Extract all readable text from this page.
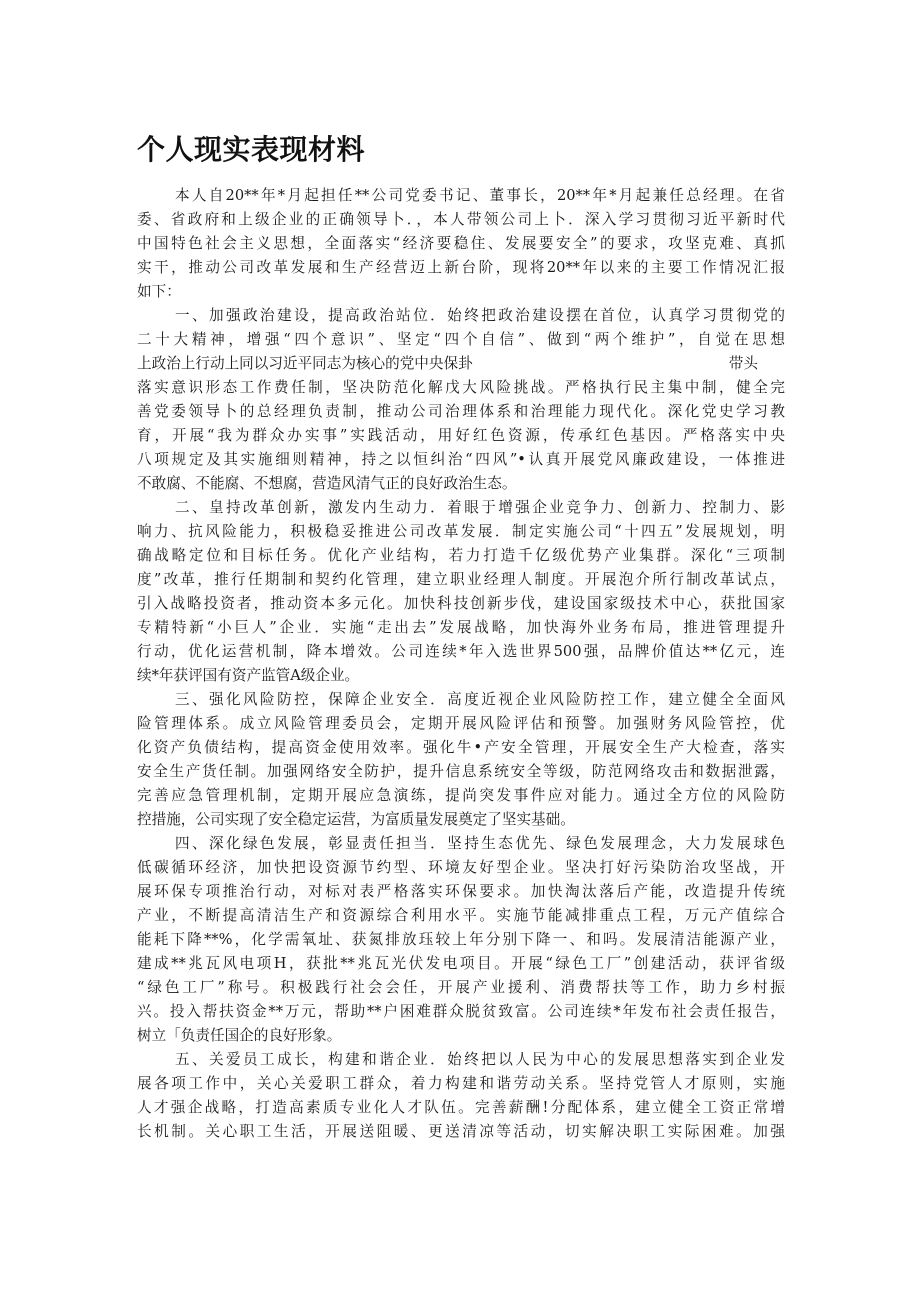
个人现实表现材料
本人自20**年*月起担任**公司党委书记、董事长，20**年*月起兼任总经理。在省
委、省政府和上级企业的正确领导卜．，本人带领公司上卜．深入学习贯彻习近平新时代
中国特色社会主义思想，全面落实“经济要稳住、发展要安全”的要求，攻坚克难、真抓
实干，推动公司改革发展和生产经营迈上新台阶，现将20**年以来的主要工作情况汇报
如下：
一、加强政治建设，提高政治站位．始终把政治建设摆在首位，认真学习贯彻党的
二十大精神，增强“四个意识”、坚定“四个自信”、做到“两个维护”，自觉在思想
上政治上行动上同以习近平同志为核心的党中央保卦	带头
落实意识形态工作费任制，坚决防范化解戊大风险挑战。严格执行民主集中制，健全完
善党委领导卜的总经理负责制，推动公司治理体系和治理能力现代化。深化党史学习教
育，开展“我为群众办实事”实践活动，用好红色资源，传承红色基因。严格落实中央
八项规定及其实施细则精神，持之以恒纠治“四风”•认真开展党风廉政建设，一体推进
不敢腐、不能腐、不想腐，营造风清气正的良好政治生态。
二、皇持改革创新，激发内生动力．着眼于增强企业竞争力、创新力、控制力、影
响力、抗风险能力，积极稳妥推进公司改革发展．制定实施公司“十四五”发展规划，明
确战略定位和目标任务。优化产业结构，若力打造千亿级优势产业集群。深化“三项制
度”改革，推行任期制和契约化管理，建立职业经理人制度。开展泡介所行制改革试点，
引入战略投资者，推动资本多元化。加快科技创新步伐，建设国家级技术中心，获批国家
专精特新“小巨人”企业．实施“走出去”发展战略，加快海外业务布局，推进管理提升
行动，优化运营机制，降本增效。公司连续*年入选世界500强，品牌价值达**亿元，连
续*年获评国有资产监管A级企业。
三、强化风险防控，保障企业安全．高度近视企业风险防控工作，建立健全全面风
险管理体系。成立风险管理委员会，定期开展风险评估和预警。加强财务风险管控，优
化资产负债结构，提高资金使用效率。强化牛•产安全管理，开展安全生产大检查，落实
安全生产货任制。加强网络安全防护，提升信息系统安全等级，防范网络攻击和数据泄露，
完善应急管理机制，定期开展应急演练，提尚突发事件应对能力。通过全方位的风险防
控措施，公司实现了安全稳定运营，为富质量发展奠定了坚实基础。
四、深化绿色发展，彰显责任担当．坚持生态优先、绿色发展理念，大力发展球色
低碳循环经济，加快把设资源节约型、环境友好型企业。坚决打好污染防治攻坚战，开
展环保专项推治行动，对标对表严格落实环保要求。加快淘汰落后产能，改造提升传统
产业，不断提高清洁生产和资源综合利用水平。实施节能减排重点工程，万元产值综合
能耗下降**%，化学需氧址、获氮排放珏较上年分别下降一、和吗。发展清洁能源产业，
建成**兆瓦风电项H，获批**兆瓦光伏发电项目。开展“绿色工厂”创建活动，获评省级
“绿色工厂”称号。积极践行社会会任，开展产业援利、消费帮扶等工作，助力乡村振
兴。投入帮扶资金**万元，帮助**户困难群众脱贫致富。公司连续*年发布社会责任报告，
树立「负责任国企的良好形象。
五、关爱员工成长，构建和谐企业．始终把以人民为中心的发展思想落实到企业发
展各项工作中，关心关爱职工群众，着力构建和谐劳动关系。坚持党管人才原则，实施
人才强企战略，打造高素质专业化人才队伍。完善薪酬!分配体系，建立健全工资正常增
长机制。关心职工生活，开展送阻暖、更送清凉等活动，切实解决职工实际困难。加强
